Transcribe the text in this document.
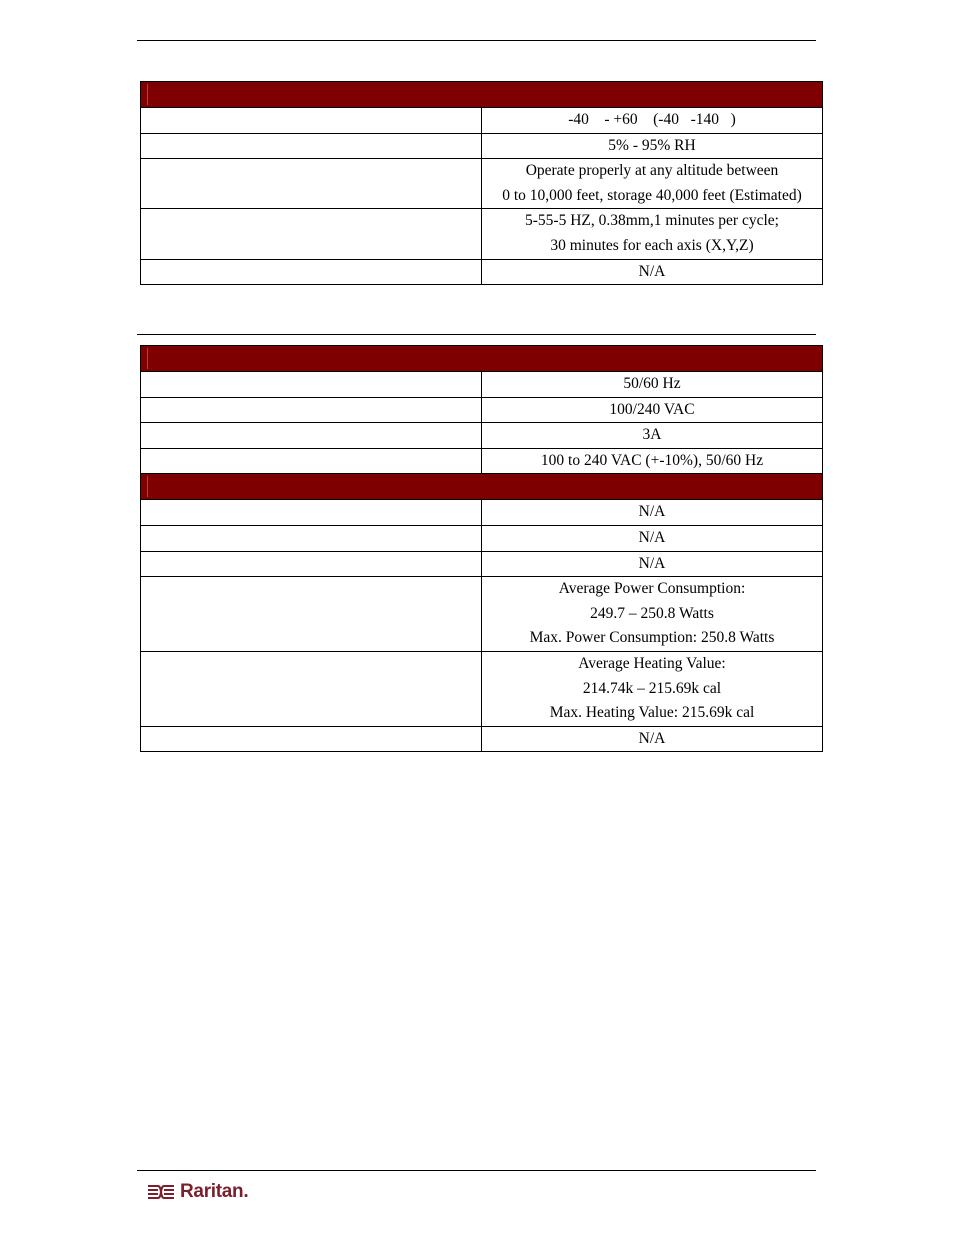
	-40    - +60    (-40   -140   )

	5% - 95% RH

	Operate properly at any altitude between
0 to 10,000 feet, storage 40,000 feet (Estimated)

	5-55-5 HZ, 0.38mm,1 minutes per cycle;
30 minutes for each axis (X,Y,Z)

	N/A

	50/60 Hz

	100/240 VAC

	3A

	100 to 240 VAC (+-10%), 50/60 Hz

	N/A

	N/A

	N/A

	Average Power Consumption:
249.7 – 250.8 Watts
Max. Power Consumption: 250.8 Watts

	Average Heating Value:
214.74k – 215.69k cal
Max. Heating Value: 215.69k cal

	N/A
Raritan .
